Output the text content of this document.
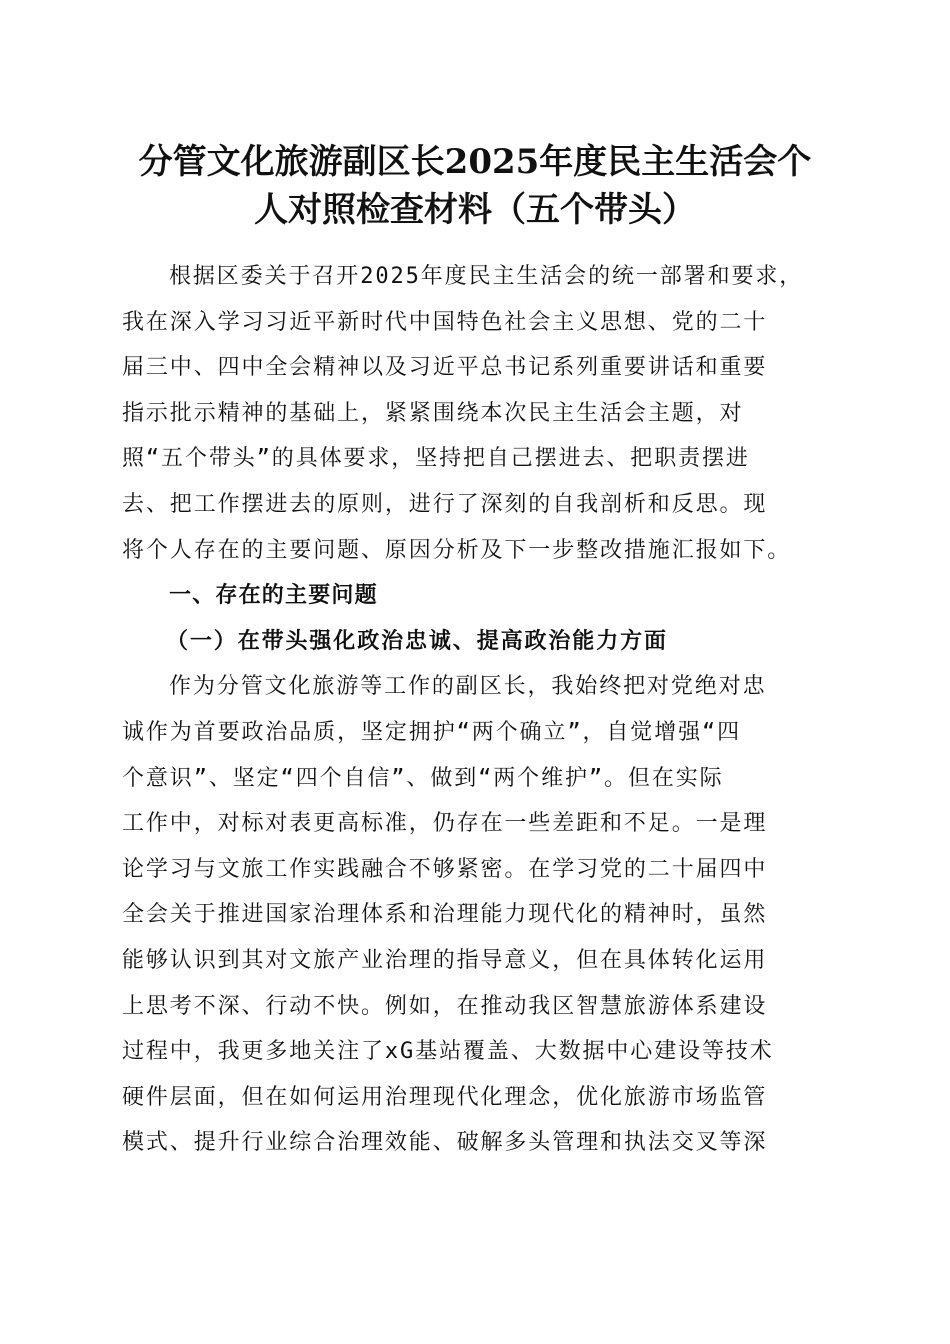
分管文化旅游副区长2025年度民主生活会个
人对照检查材料（五个带头）
根据区委关于召开2025年度民主生活会的统一部署和要求，
我在深入学习习近平新时代中国特色社会主义思想、党的二十
届三中、四中全会精神以及习近平总书记系列重要讲话和重要
指示批示精神的基础上，紧紧围绕本次民主生活会主题，对
照“五个带头”的具体要求，坚持把自己摆进去、把职责摆进
去、把工作摆进去的原则，进行了深刻的自我剖析和反思。现
将个人存在的主要问题、原因分析及下一步整改措施汇报如下。
一、存在的主要问题
（一）在带头强化政治忠诚、提高政治能力方面
作为分管文化旅游等工作的副区长，我始终把对党绝对忠
诚作为首要政治品质，坚定拥护“两个确立”，自觉增强“四
个意识”、坚定“四个自信”、做到“两个维护”。但在实际
工作中，对标对表更高标准，仍存在一些差距和不足。一是理
论学习与文旅工作实践融合不够紧密。在学习党的二十届四中
全会关于推进国家治理体系和治理能力现代化的精神时，虽然
能够认识到其对文旅产业治理的指导意义，但在具体转化运用
上思考不深、行动不快。例如，在推动我区智慧旅游体系建设
过程中，我更多地关注了xG基站覆盖、大数据中心建设等技术
硬件层面，但在如何运用治理现代化理念，优化旅游市场监管
模式、提升行业综合治理效能、破解多头管理和执法交叉等深
